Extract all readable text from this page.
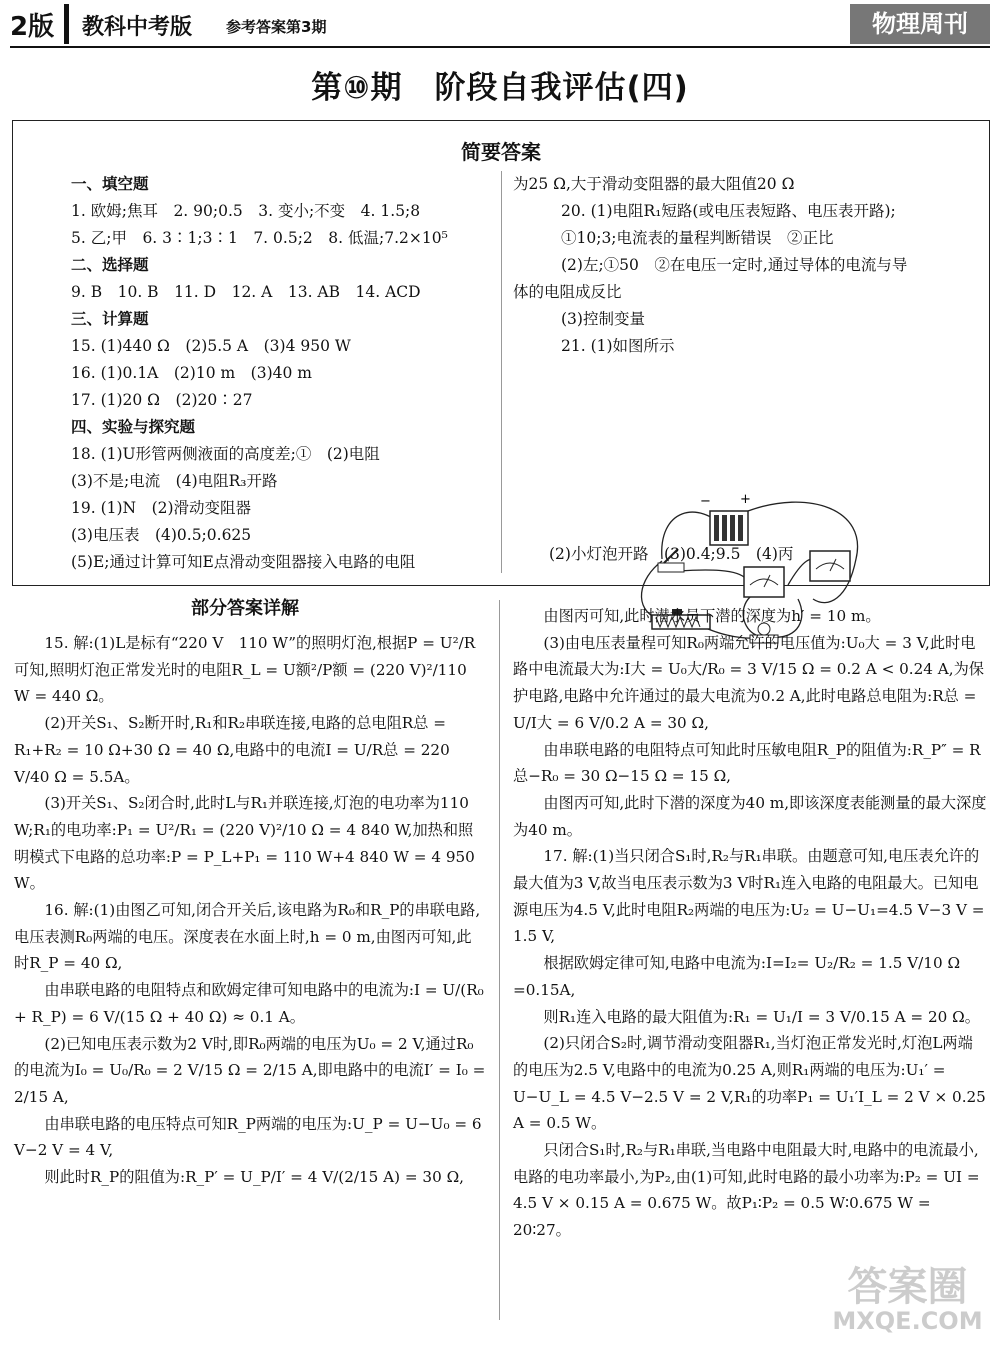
2版 教科中考版 参考答案第3期	物理周刊
第⑩期　阶段自我评估(四)
简要答案
一、填空题
1. 欧姆;焦耳　2. 90;0.5　3. 变小;不变　4. 1.5;8
5. 乙;甲　6. 3∶1;3∶1　7. 0.5;2　8. 低温;7.2×10⁵
二、选择题
9. B　10. B　11. D　12. A　13. AB　14. ACD
三、计算题
15. (1)440 Ω　(2)5.5 A　(3)4 950 W
16. (1)0.1A　(2)10 m　(3)40 m
17. (1)20 Ω　(2)20∶27
四、实验与探究题
18. (1)U形管两侧液面的高度差;①　(2)电阻
(3)不是;电流　(4)电阻R₃开路
19. (1)N　(2)滑动变阻器
(3)电压表　(4)0.5;0.625
(5)E;通过计算可知E点滑动变阻器接入电路的电阻
为25 Ω,大于滑动变阻器的最大阻值20 Ω
20. (1)电阻R₁短路(或电压表短路、电压表开路);
①10;3;电流表的量程判断错误　②正比
(2)左;①50　②在电压一定时,通过导体的电流与导
体的电阻成反比
(3)控制变量
21. (1)如图所示
− +
(2)小灯泡开路　(3)0.4;9.5　(4)丙
部分答案详解

15. 解:(1)L是标有“220 V　110 W”的照明灯泡,根据P = U²/R 可知,照明灯泡正常发光时的电阻R_L = U额²/P额 = (220 V)²/110 W = 440 Ω。

(2)开关S₁、S₂断开时,R₁和R₂串联连接,电路的总电阻R总 = R₁+R₂ = 10 Ω+30 Ω = 40 Ω,电路中的电流I = U/R总 = 220 V/40 Ω = 5.5A。

(3)开关S₁、S₂闭合时,此时L与R₁并联连接,灯泡的电功率为110 W;R₁的电功率:P₁ = U²/R₁ = (220 V)²/10 Ω = 4 840 W,加热和照明模式下电路的总功率:P = P_L+P₁ = 110 W+4 840 W = 4 950 W。

16. 解:(1)由图乙可知,闭合开关后,该电路为R₀和R_P的串联电路,电压表测R₀两端的电压。深度表在水面上时,h = 0 m,由图丙可知,此时R_P = 40 Ω,

由串联电路的电阻特点和欧姆定律可知电路中的电流为:I = U/(R₀ + R_P) = 6 V/(15 Ω + 40 Ω) ≈ 0.1 A。

(2)已知电压表示数为2 V时,即R₀两端的电压为U₀ = 2 V,通过R₀的电流为I₀ = U₀/R₀ = 2 V/15 Ω = 2/15 A,即电路中的电流I′ = I₀ = 2/15 A,

由串联电路的电压特点可知R_P两端的电压为:U_P = U−U₀ = 6 V−2 V = 4 V,

则此时R_P的阻值为:R_P′ = U_P/I′ = 4 V/(2/15 A) = 30 Ω,

由图丙可知,此时潜水员下潜的深度为h′ = 10 m。

(3)由电压表量程可知R₀两端允许的电压值为:U₀大 = 3 V,此时电路中电流最大为:I大 = U₀大/R₀ = 3 V/15 Ω = 0.2 A < 0.24 A,为保护电路,电路中允许通过的最大电流为0.2 A,此时电路总电阻为:R总 = U/I大 = 6 V/0.2 A = 30 Ω,

由串联电路的电阻特点可知此时压敏电阻R_P的阻值为:R_P″ = R总−R₀ = 30 Ω−15 Ω = 15 Ω,

由图丙可知,此时下潜的深度为40 m,即该深度表能测量的最大深度为40 m。

17. 解:(1)当只闭合S₁时,R₂与R₁串联。由题意可知,电压表允许的最大值为3 V,故当电压表示数为3 V时R₁连入电路的电阻最大。已知电源电压为4.5 V,此时电阻R₂两端的电压为:U₂ = U−U₁=4.5 V−3 V = 1.5 V,

根据欧姆定律可知,电路中电流为:I=I₂= U₂/R₂ = 1.5 V/10 Ω =0.15A,

则R₁连入电路的最大阻值为:R₁ = U₁/I = 3 V/0.15 A = 20 Ω。

(2)只闭合S₂时,调节滑动变阻器R₁,当灯泡正常发光时,灯泡L两端的电压为2.5 V,电路中的电流为0.25 A,则R₁两端的电压为:U₁′ = U−U_L = 4.5 V−2.5 V = 2 V,R₁的功率P₁ = U₁′I_L = 2 V × 0.25 A = 0.5 W。

只闭合S₁时,R₂与R₁串联,当电路中电阻最大时,电路中的电流最小,电路的电功率最小,为P₂,由(1)可知,此时电路的最小功率为:P₂ = UI = 4.5 V × 0.15 A = 0.675 W。故P₁∶P₂ = 0.5 W∶0.675 W = 20∶27。

答案圈
MXQE.COM
